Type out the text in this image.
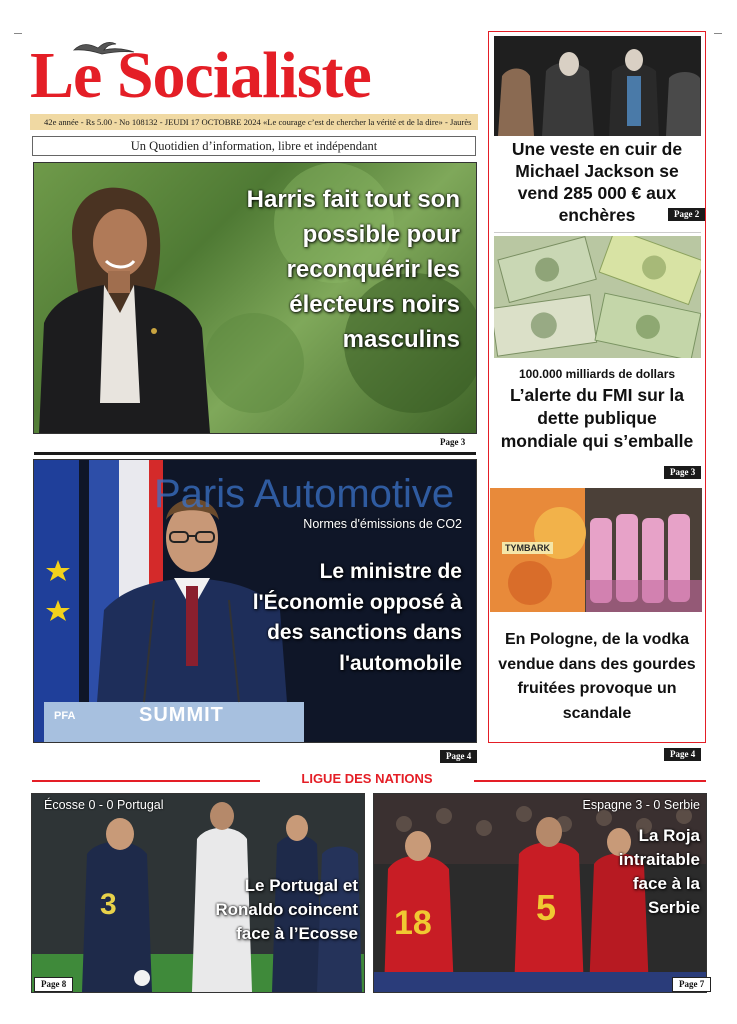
Le Socialiste
42e année - Rs 5.00 - No 108132 - JEUDI 17 OCTOBRE 2024 «Le courage c’est de chercher la vérité et de la dire» - Jaurès
Un Quotidien d’information, libre et indépendant
Harris fait tout son possible pour reconquérir les électeurs noirs masculins
Page 3
Paris Automotive
PFA	SUMMIT
Normes d'émissions de CO2
Le ministre de l'Économie opposé à des sanctions dans l'automobile
Page 4
Une veste en cuir de Michael Jackson se vend 285 000 € aux enchères	Page 2
100.000 milliards de dollars
L’alerte du FMI sur la dette publique mondiale qui s’emballe
Page 3
TYMBARK
En Pologne, de la vodka vendue dans des gourdes fruitées provoque un scandale
Page 4
LIGUE DES NATIONS
3
Écosse 0 - 0 Portugal
Le Portugal et Ronaldo coincent face à l’Ecosse
Page 8
18	5
Espagne 3 - 0 Serbie
La Roja intraitable face à la Serbie
Page 7
